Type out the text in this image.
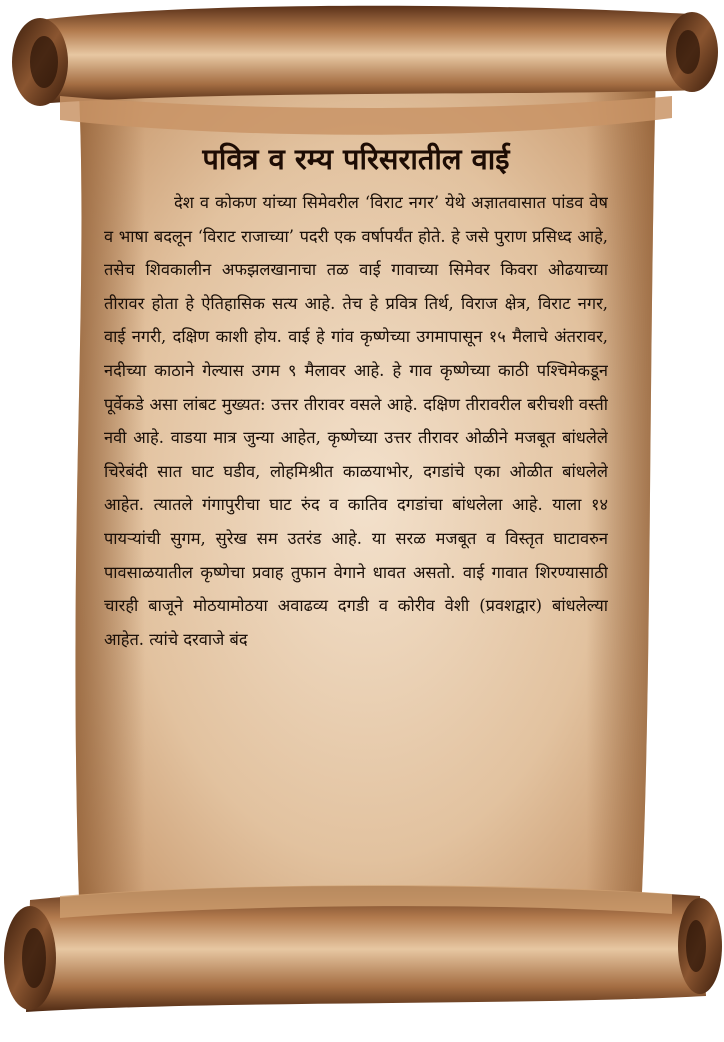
पवित्र व रम्य परिसरातील वाई

देश व कोकण यांच्या सिमेवरील ‘विराट नगर’ येथे अज्ञातवासात पांडव वेष व भाषा बदलून ‘विराट राजाच्या’ पदरी एक वर्षापर्यंत होते. हे जसे पुराण प्रसिध्द आहे, तसेच शिवकालीन अफझलखानाचा तळ वाई गावाच्या सिमेवर किवरा ओढयाच्या तीरावर होता हे ऐतिहासिक सत्य आहे. तेच हे प्रवित्र तिर्थ, विराज क्षेत्र, विराट नगर, वाई नगरी, दक्षिण काशी होय. वाई हे गांव कृष्णेच्या उगमापासून १५ मैलाचे अंतरावर, नदीच्या काठाने गेल्यास उगम ९ मैलावर आहे. हे गाव कृष्णेच्या काठी पश्चिमेकडून पूर्वेकडे असा लांबट मुख्यत: उत्तर तीरावर वसले आहे. दक्षिण तीरावरील बरीचशी वस्ती नवी आहे. वाडया मात्र जुन्या आहेत, कृष्णेच्या उत्तर तीरावर ओळीने मजबूत बांधलेले चिरेबंदी सात घाट घडीव, लोहमिश्रीत काळयाभोर, दगडांचे एका ओळीत बांधलेले आहेत. त्यातले गंगापुरीचा घाट रुंद व कातिव दगडांचा बांधलेला आहे. याला १४ पायऱ्यांची सुगम, सुरेख सम उतरंड आहे. या सरळ मजबूत व विस्तृत घाटावरुन पावसाळयातील कृष्णेचा प्रवाह तुफान वेगाने धावत असतो. वाई गावात शिरण्यासाठी चारही बाजूने मोठयामोठया अवाढव्य दगडी व कोरीव वेशी (प्रवशद्वार) बांधलेल्या आहेत. त्यांचे दरवाजे बंद
